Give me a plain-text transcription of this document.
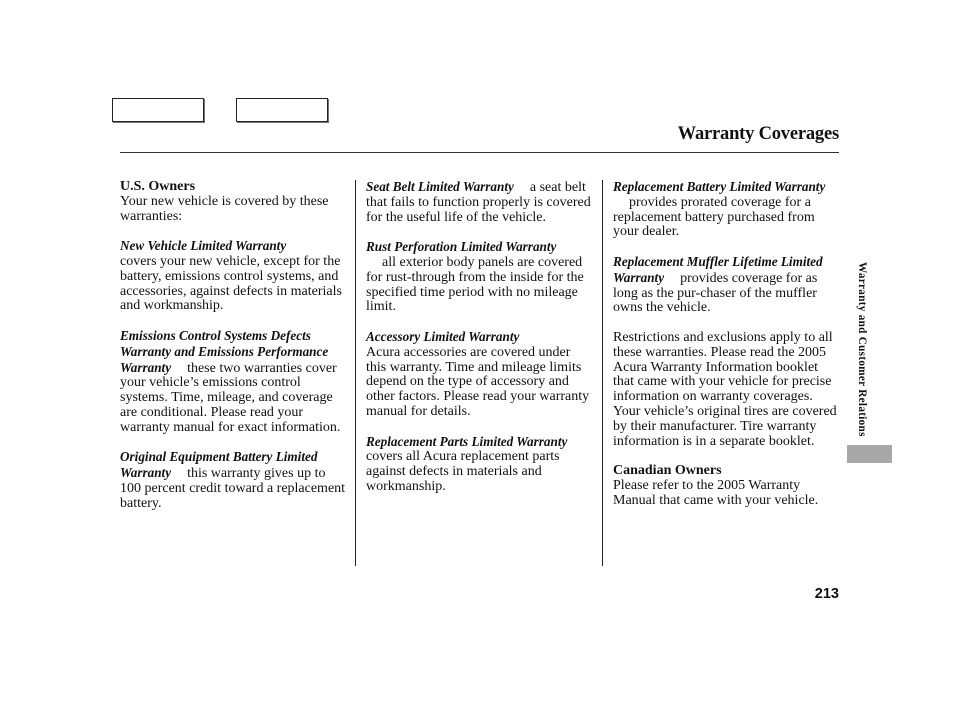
Warranty Coverages

U.S. Owners
Your new vehicle is covered by these warranties:

New Vehicle Limited Warranty
covers your new vehicle, except for the battery, emissions control systems, and accessories, against defects in materials and workmanship.

Emissions Control Systems Defects Warranty and Emissions Performance Warranty these two warranties cover your vehicle’s emissions control systems. Time, mileage, and coverage are conditional. Please read your warranty manual for exact information.

Original Equipment Battery Limited Warranty this warranty gives up to 100 percent credit toward a replacement battery.

Seat Belt Limited Warranty a seat belt that fails to function properly is covered for the useful life of the vehicle.

Rust Perforation Limited Warranty
all exterior body panels are covered for rust-through from the inside for the specified time period with no mileage limit.

Accessory Limited Warranty
Acura accessories are covered under this warranty. Time and mileage limits depend on the type of accessory and other factors. Please read your warranty manual for details.

Replacement Parts Limited Warrantycovers all Acura replacement parts against defects in materials and workmanship.

Replacement Battery Limited Warrantyprovides prorated coverage for a replacement battery purchased from your dealer.

Replacement Muffler Lifetime Limited Warranty provides coverage for as long as the pur-chaser of the muffler owns the vehicle.

Restrictions and exclusions apply to all these warranties. Please read the 2005 Acura Warranty Information booklet that came with your vehicle for precise information on warranty coverages. Your vehicle’s original tires are covered by their manufacturer. Tire warranty information is in a separate booklet.

Canadian Owners
Please refer to the 2005 Warranty Manual that came with your vehicle.

Warranty and Customer Relations
213
